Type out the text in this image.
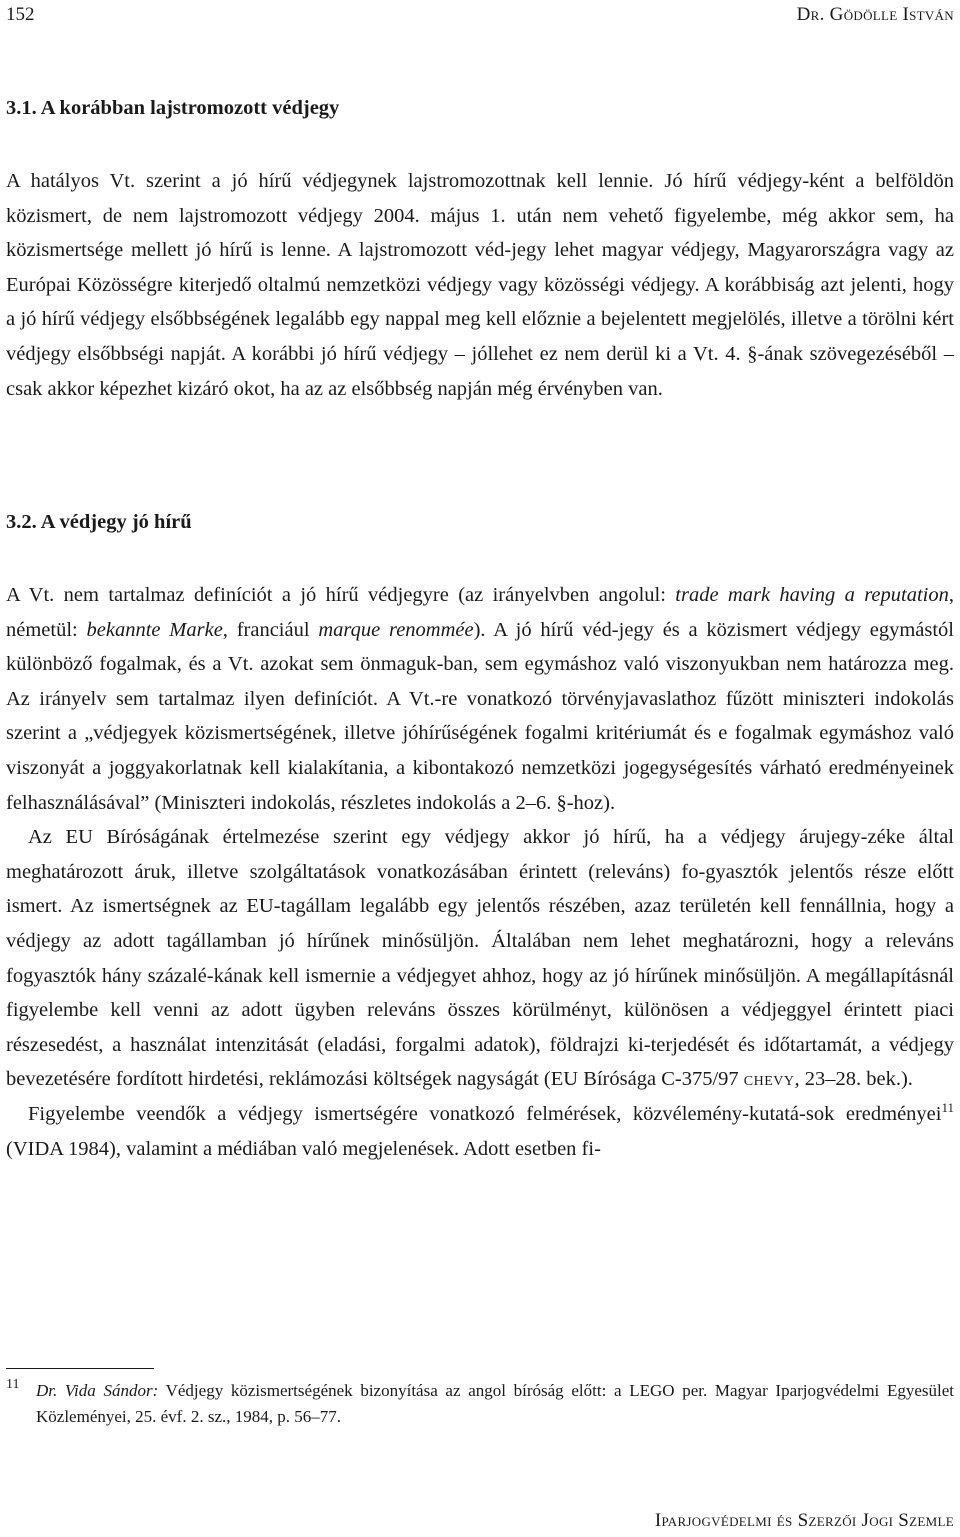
152	Dr. Gödölle István
3.1. A korábban lajstromozott védjegy

A hatályos Vt. szerint a jó hírű védjegynek lajstromozottnak kell lennie. Jó hírű védjegy-ként a belföldön közismert, de nem lajstromozott védjegy 2004. május 1. után nem vehető figyelembe, még akkor sem, ha közismertsége mellett jó hírű is lenne. A lajstromozott véd-jegy lehet magyar védjegy, Magyarországra vagy az Európai Közösségre kiterjedő oltalmú nemzetközi védjegy vagy közösségi védjegy. A korábbiság azt jelenti, hogy a jó hírű védjegy elsőbbségének legalább egy nappal meg kell előznie a bejelentett megjelölés, illetve a törölni kért védjegy elsőbbségi napját. A korábbi jó hírű védjegy – jóllehet ez nem derül ki a Vt. 4. §-ának szövegezéséből – csak akkor képezhet kizáró okot, ha az az elsőbbség napján még érvényben van.

3.2. A védjegy jó hírű

A Vt. nem tartalmaz definíciót a jó hírű védjegyre (az irányelvben angolul: trade mark having a reputation, németül: bekannte Marke, franciául marque renommée). A jó hírű véd-jegy és a közismert védjegy egymástól különböző fogalmak, és a Vt. azokat sem önmaguk-ban, sem egymáshoz való viszonyukban nem határozza meg. Az irányelv sem tartalmaz ilyen definíciót. A Vt.-re vonatkozó törvényjavaslathoz fűzött miniszteri indokolás szerint a „védjegyek közismertségének, illetve jóhírűségének fogalmi kritériumát és e fogalmak egymáshoz való viszonyát a joggyakorlatnak kell kialakítania, a kibontakozó nemzetközi jogegységesítés várható eredményeinek felhasználásával” (Miniszteri indokolás, részletes indokolás a 2–6. §-hoz).

Az EU Bíróságának értelmezése szerint egy védjegy akkor jó hírű, ha a védjegy árujegy-zéke által meghatározott áruk, illetve szolgáltatások vonatkozásában érintett (releváns) fo-gyasztók jelentős része előtt ismert. Az ismertségnek az EU-tagállam legalább egy jelentős részében, azaz területén kell fennállnia, hogy a védjegy az adott tagállamban jó hírűnek minősüljön. Általában nem lehet meghatározni, hogy a releváns fogyasztók hány százalé-kának kell ismernie a védjegyet ahhoz, hogy az jó hírűnek minősüljön. A megállapításnál figyelembe kell venni az adott ügyben releváns összes körülményt, különösen a védjeggyel érintett piaci részesedést, a használat intenzitását (eladási, forgalmi adatok), földrajzi ki-terjedését és időtartamát, a védjegy bevezetésére fordított hirdetési, reklámozási költségek nagyságát (EU Bírósága C-375/97 chevy, 23–28. bek.).

Figyelembe veendők a védjegy ismertségére vonatkozó felmérések, közvélemény-kutatá-sok eredményei$^{11}$ (VIDA 1984), valamint a médiában való megjelenések. Adott esetben fi-

11 Dr. Vida Sándor: Védjegy közismertségének bizonyítása az angol bíróság előtt: a LEGO per. Magyar Iparjogvédelmi Egyesület Közleményei, 25. évf. 2. sz., 1984, p. 56–77.
Iparjogvédelmi és Szerzői Jogi Szemle
